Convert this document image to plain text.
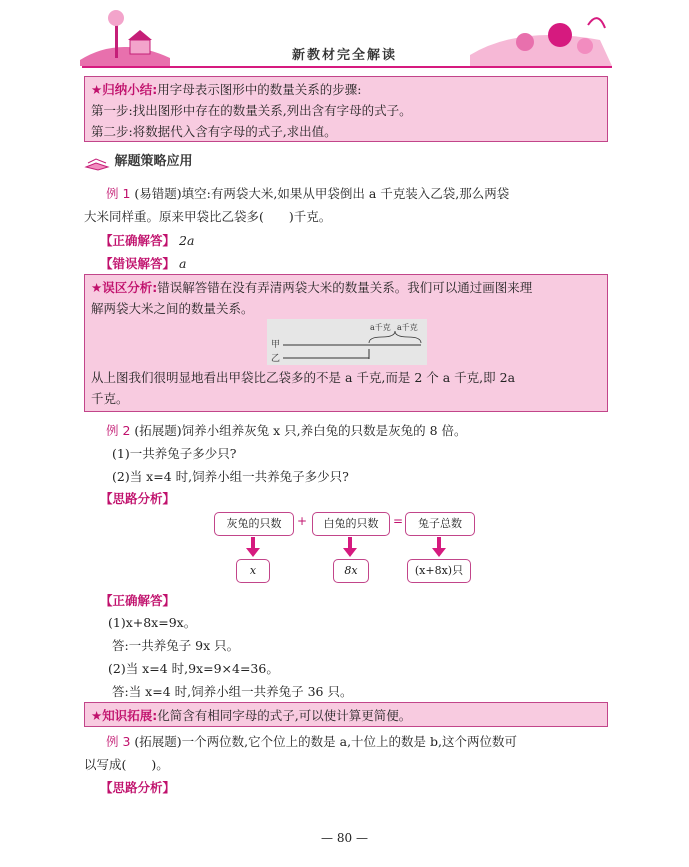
新教材完全解读
★归纳小结:用字母表示图形中的数量关系的步骤:
第一步:找出图形中存在的数量关系,列出含有字母的式子。
第二步:将数据代入含有字母的式子,求出值。
解题策略应用
例 1 (易错题)填空:有两袋大米,如果从甲袋倒出 a 千克装入乙袋,那么两袋
大米同样重。原来甲袋比乙袋多(　　)千克。
【正确解答】 2a
【错误解答】 a
★误区分析:错误解答错在没有弄清两袋大米的数量关系。我们可以通过画图来理
解两袋大米之间的数量关系。
甲
乙
a千克 a千克
从上图我们很明显地看出甲袋比乙袋多的不是 a 千克,而是 2 个 a 千克,即 2a
千克。
例 2 (拓展题)饲养小组养灰兔 x 只,养白兔的只数是灰兔的 8 倍。
(1)一共养兔子多少只?
(2)当 x=4 时,饲养小组一共养兔子多少只?
【思路分析】
灰兔的只数	+	白兔的只数	=	兔子总数
x	8x	(x+8x)只
【正确解答】
(1)x+8x=9x。
答:一共养兔子 9x 只。
(2)当 x=4 时,9x=9×4=36。
答:当 x=4 时,饲养小组一共养兔子 36 只。
★知识拓展:化简含有相同字母的式子,可以使计算更简便。
例 3 (拓展题)一个两位数,它个位上的数是 a,十位上的数是 b,这个两位数可
以写成(　　)。
【思路分析】
— 80 —
